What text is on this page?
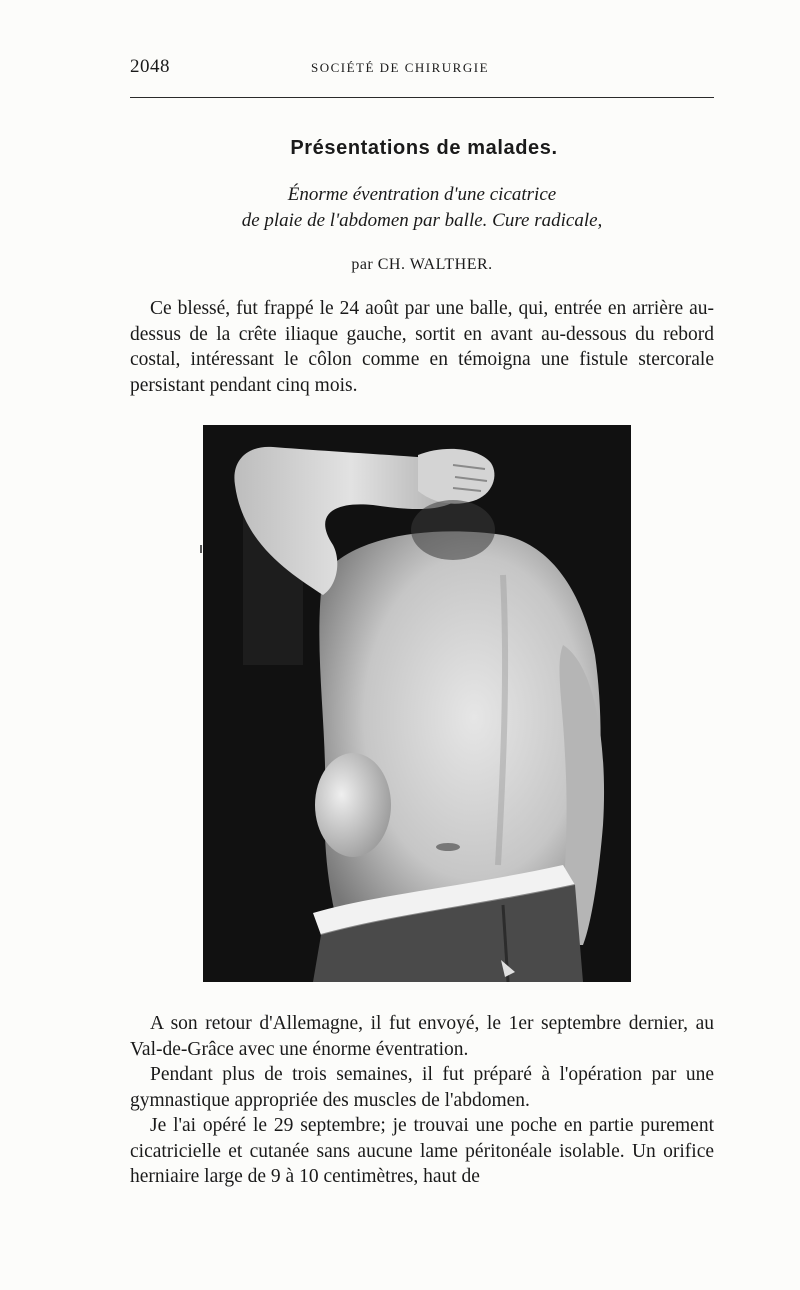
2048	SOCIÉTÉ DE CHIRURGIE
Présentations de malades.
Énorme éventration d'une cicatrice
de plaie de l'abdomen par balle. Cure radicale,
par CH. WALTHER.

Ce blessé, fut frappé le 24 août par une balle, qui, entrée en arrière au-dessus de la crête iliaque gauche, sortit en avant au-dessous du rebord costal, intéressant le côlon comme en témoigna une fistule stercorale persistant pendant cinq mois.

A son retour d'Allemagne, il fut envoyé, le 1er septembre dernier, au Val-de-Grâce avec une énorme éventration.

Pendant plus de trois semaines, il fut préparé à l'opération par une gymnastique appropriée des muscles de l'abdomen.

Je l'ai opéré le 29 septembre; je trouvai une poche en partie purement cicatricielle et cutanée sans aucune lame péritonéale isolable. Un orifice herniaire large de 9 à 10 centimètres, haut de
